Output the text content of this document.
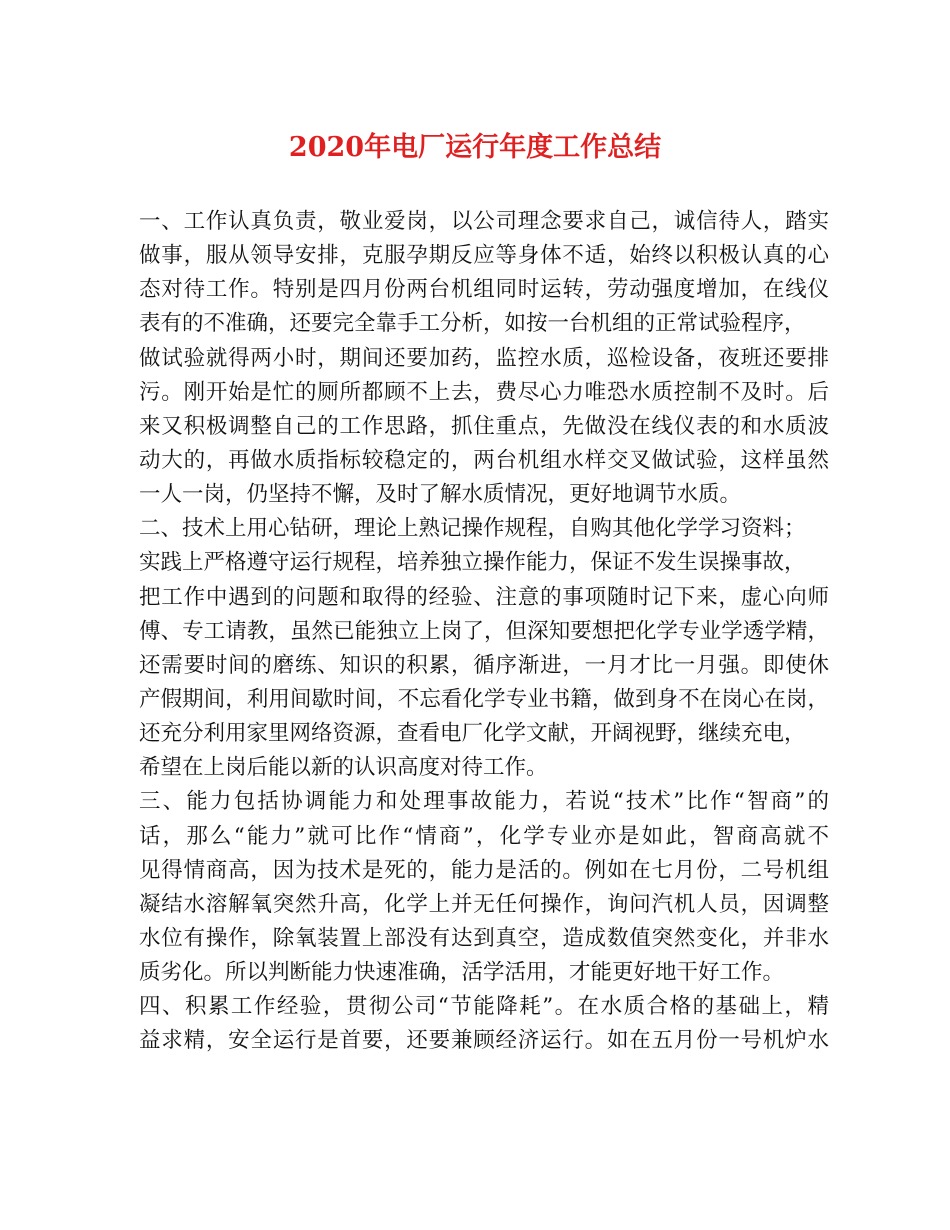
2020年电厂运行年度工作总结
一、工作认真负责，敬业爱岗，以公司理念要求自己，诚信待人，踏实
做事，服从领导安排，克服孕期反应等身体不适，始终以积极认真的心
态对待工作。特别是四月份两台机组同时运转，劳动强度增加，在线仪
表有的不准确，还要完全靠手工分析，如按一台机组的正常试验程序，
做试验就得两小时，期间还要加药，监控水质，巡检设备，夜班还要排
污。刚开始是忙的厕所都顾不上去，费尽心力唯恐水质控制不及时。后
来又积极调整自己的工作思路，抓住重点，先做没在线仪表的和水质波
动大的，再做水质指标较稳定的，两台机组水样交叉做试验，这样虽然
一人一岗，仍坚持不懈，及时了解水质情况，更好地调节水质。
二、技术上用心钻研，理论上熟记操作规程，自购其他化学学习资料；
实践上严格遵守运行规程，培养独立操作能力，保证不发生误操事故，
把工作中遇到的问题和取得的经验、注意的事项随时记下来，虚心向师
傅、专工请教，虽然已能独立上岗了，但深知要想把化学专业学透学精，
还需要时间的磨练、知识的积累，循序渐进，一月才比一月强。即使休
产假期间，利用间歇时间，不忘看化学专业书籍，做到身不在岗心在岗，
还充分利用家里网络资源，查看电厂化学文献，开阔视野，继续充电，
希望在上岗后能以新的认识高度对待工作。
三、能力包括协调能力和处理事故能力，若说“技术”比作“智商”的
话，那么“能力”就可比作“情商”，化学专业亦是如此，智商高就不
见得情商高，因为技术是死的，能力是活的。例如在七月份，二号机组
凝结水溶解氧突然升高，化学上并无任何操作，询问汽机人员，因调整
水位有操作，除氧装置上部没有达到真空，造成数值突然变化，并非水
质劣化。所以判断能力快速准确，活学活用，才能更好地干好工作。
四、积累工作经验，贯彻公司“节能降耗”。在水质合格的基础上，精
益求精，安全运行是首要，还要兼顾经济运行。如在五月份一号机炉水
